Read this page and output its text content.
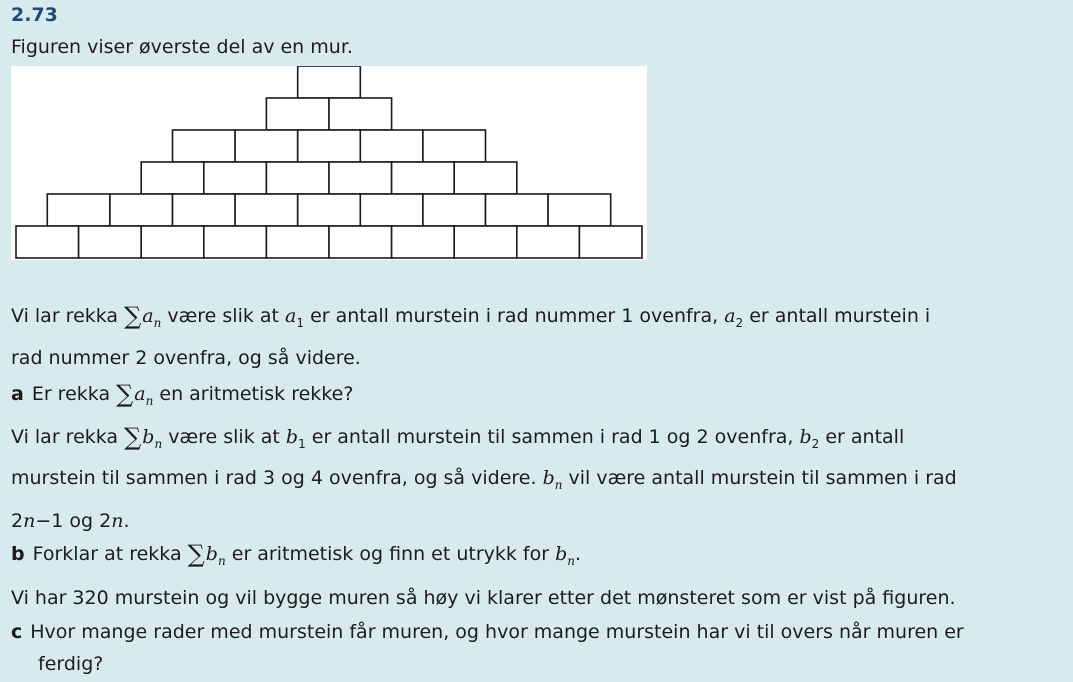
2.73
Figuren viser øverste del av en mur.
Vi lar rekka $\sum a_n$ være slik at $a_1$ er antall murstein i rad nummer 1 ovenfra, $a_2$ er antall murstein i
rad nummer 2 ovenfra, og så videre.
a Er rekka $\sum a_n$ en aritmetisk rekke?
Vi lar rekka $\sum b_n$ være slik at $b_1$ er antall murstein til sammen i rad 1 og 2 ovenfra, $b_2$ er antall
murstein til sammen i rad 3 og 4 ovenfra, og så videre. $b_n$ vil være antall murstein til sammen i rad
2n−1 og 2n.
b Forklar at rekka $\sum b_n$ er aritmetisk og finn et utrykk for $b_n$.
Vi har 320 murstein og vil bygge muren så høy vi klarer etter det mønsteret som er vist på figuren.
c Hvor mange rader med murstein får muren, og hvor mange murstein har vi til overs når muren er
ferdig?
